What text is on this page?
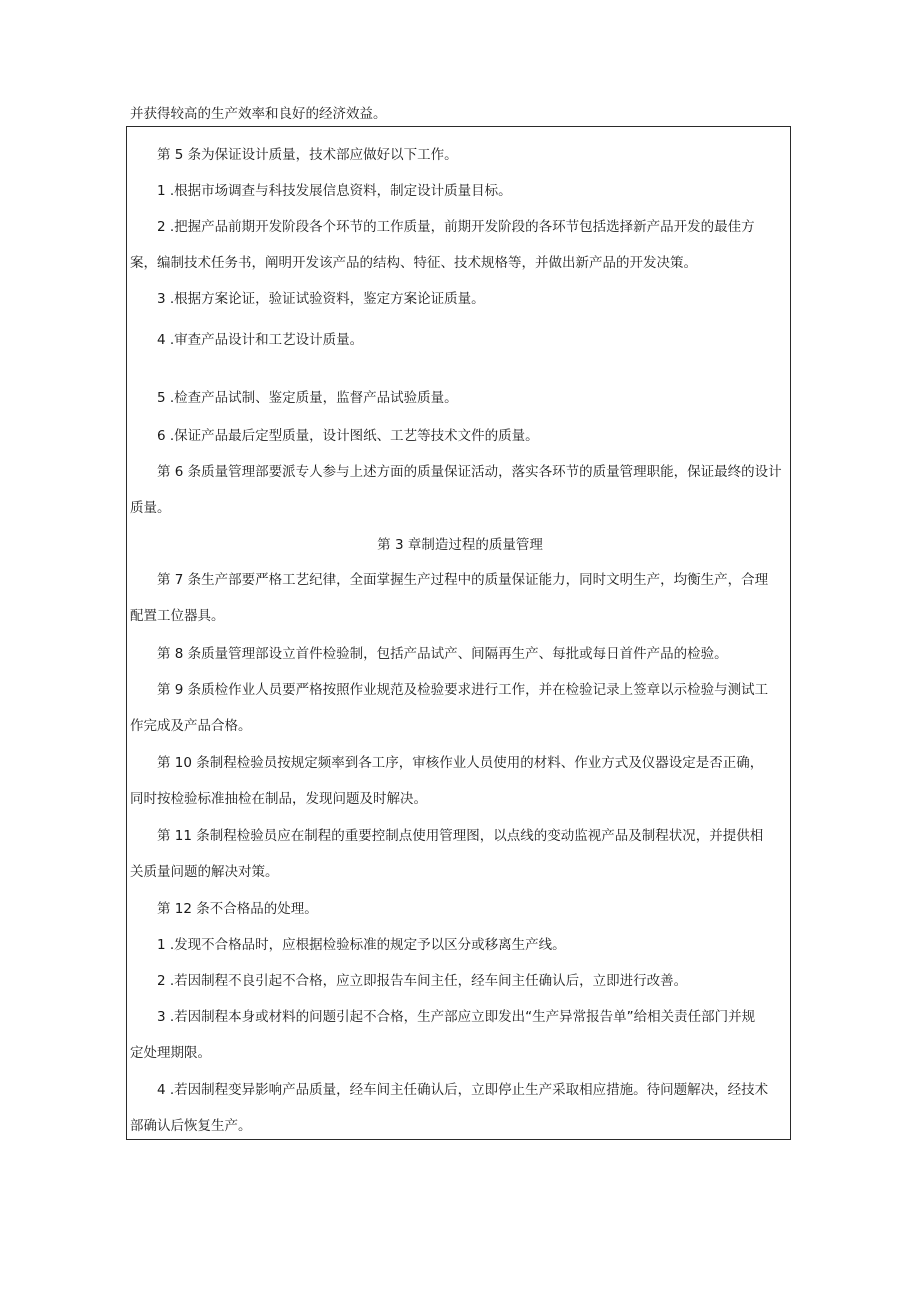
并获得较高的生产效率和良好的经济效益。
第 5 条为保证设计质量，技术部应做好以下工作。
1 .根据市场调查与科技发展信息资料，制定设计质量目标。
2 .把握产品前期开发阶段各个环节的工作质量，前期开发阶段的各环节包括选择新产品开发的最佳方
案，编制技术任务书，阐明开发该产品的结构、特征、技术规格等，并做出新产品的开发决策。
3 .根据方案论证，验证试验资料，鉴定方案论证质量。
4 .审查产品设计和工艺设计质量。
5 .检查产品试制、鉴定质量，监督产品试验质量。
6 .保证产品最后定型质量，设计图纸、工艺等技术文件的质量。
第 6 条质量管理部要派专人参与上述方面的质量保证活动，落实各环节的质量管理职能，保证最终的设计
质量。
第 3 章制造过程的质量管理
第 7 条生产部要严格工艺纪律，全面掌握生产过程中的质量保证能力，同时文明生产，均衡生产，合理
配置工位器具。
第 8 条质量管理部设立首件检验制，包括产品试产、间隔再生产、每批或每日首件产品的检验。
第 9 条质检作业人员要严格按照作业规范及检验要求进行工作，并在检验记录上签章以示检验与测试工
作完成及产品合格。
第 10 条制程检验员按规定频率到各工序，审核作业人员使用的材料、作业方式及仪器设定是否正确，
同时按检验标准抽检在制品，发现问题及时解决。
第 11 条制程检验员应在制程的重要控制点使用管理图，以点线的变动监视产品及制程状况，并提供相
关质量问题的解决对策。
第 12 条不合格品的处理。
1 .发现不合格品时，应根据检验标准的规定予以区分或移离生产线。
2 .若因制程不良引起不合格，应立即报告车间主任，经车间主任确认后，立即进行改善。
3 .若因制程本身或材料的问题引起不合格，生产部应立即发出“生产异常报告单”给相关责任部门并规
定处理期限。
4 .若因制程变异影响产品质量，经车间主任确认后，立即停止生产采取相应措施。待问题解决，经技术
部确认后恢复生产。
